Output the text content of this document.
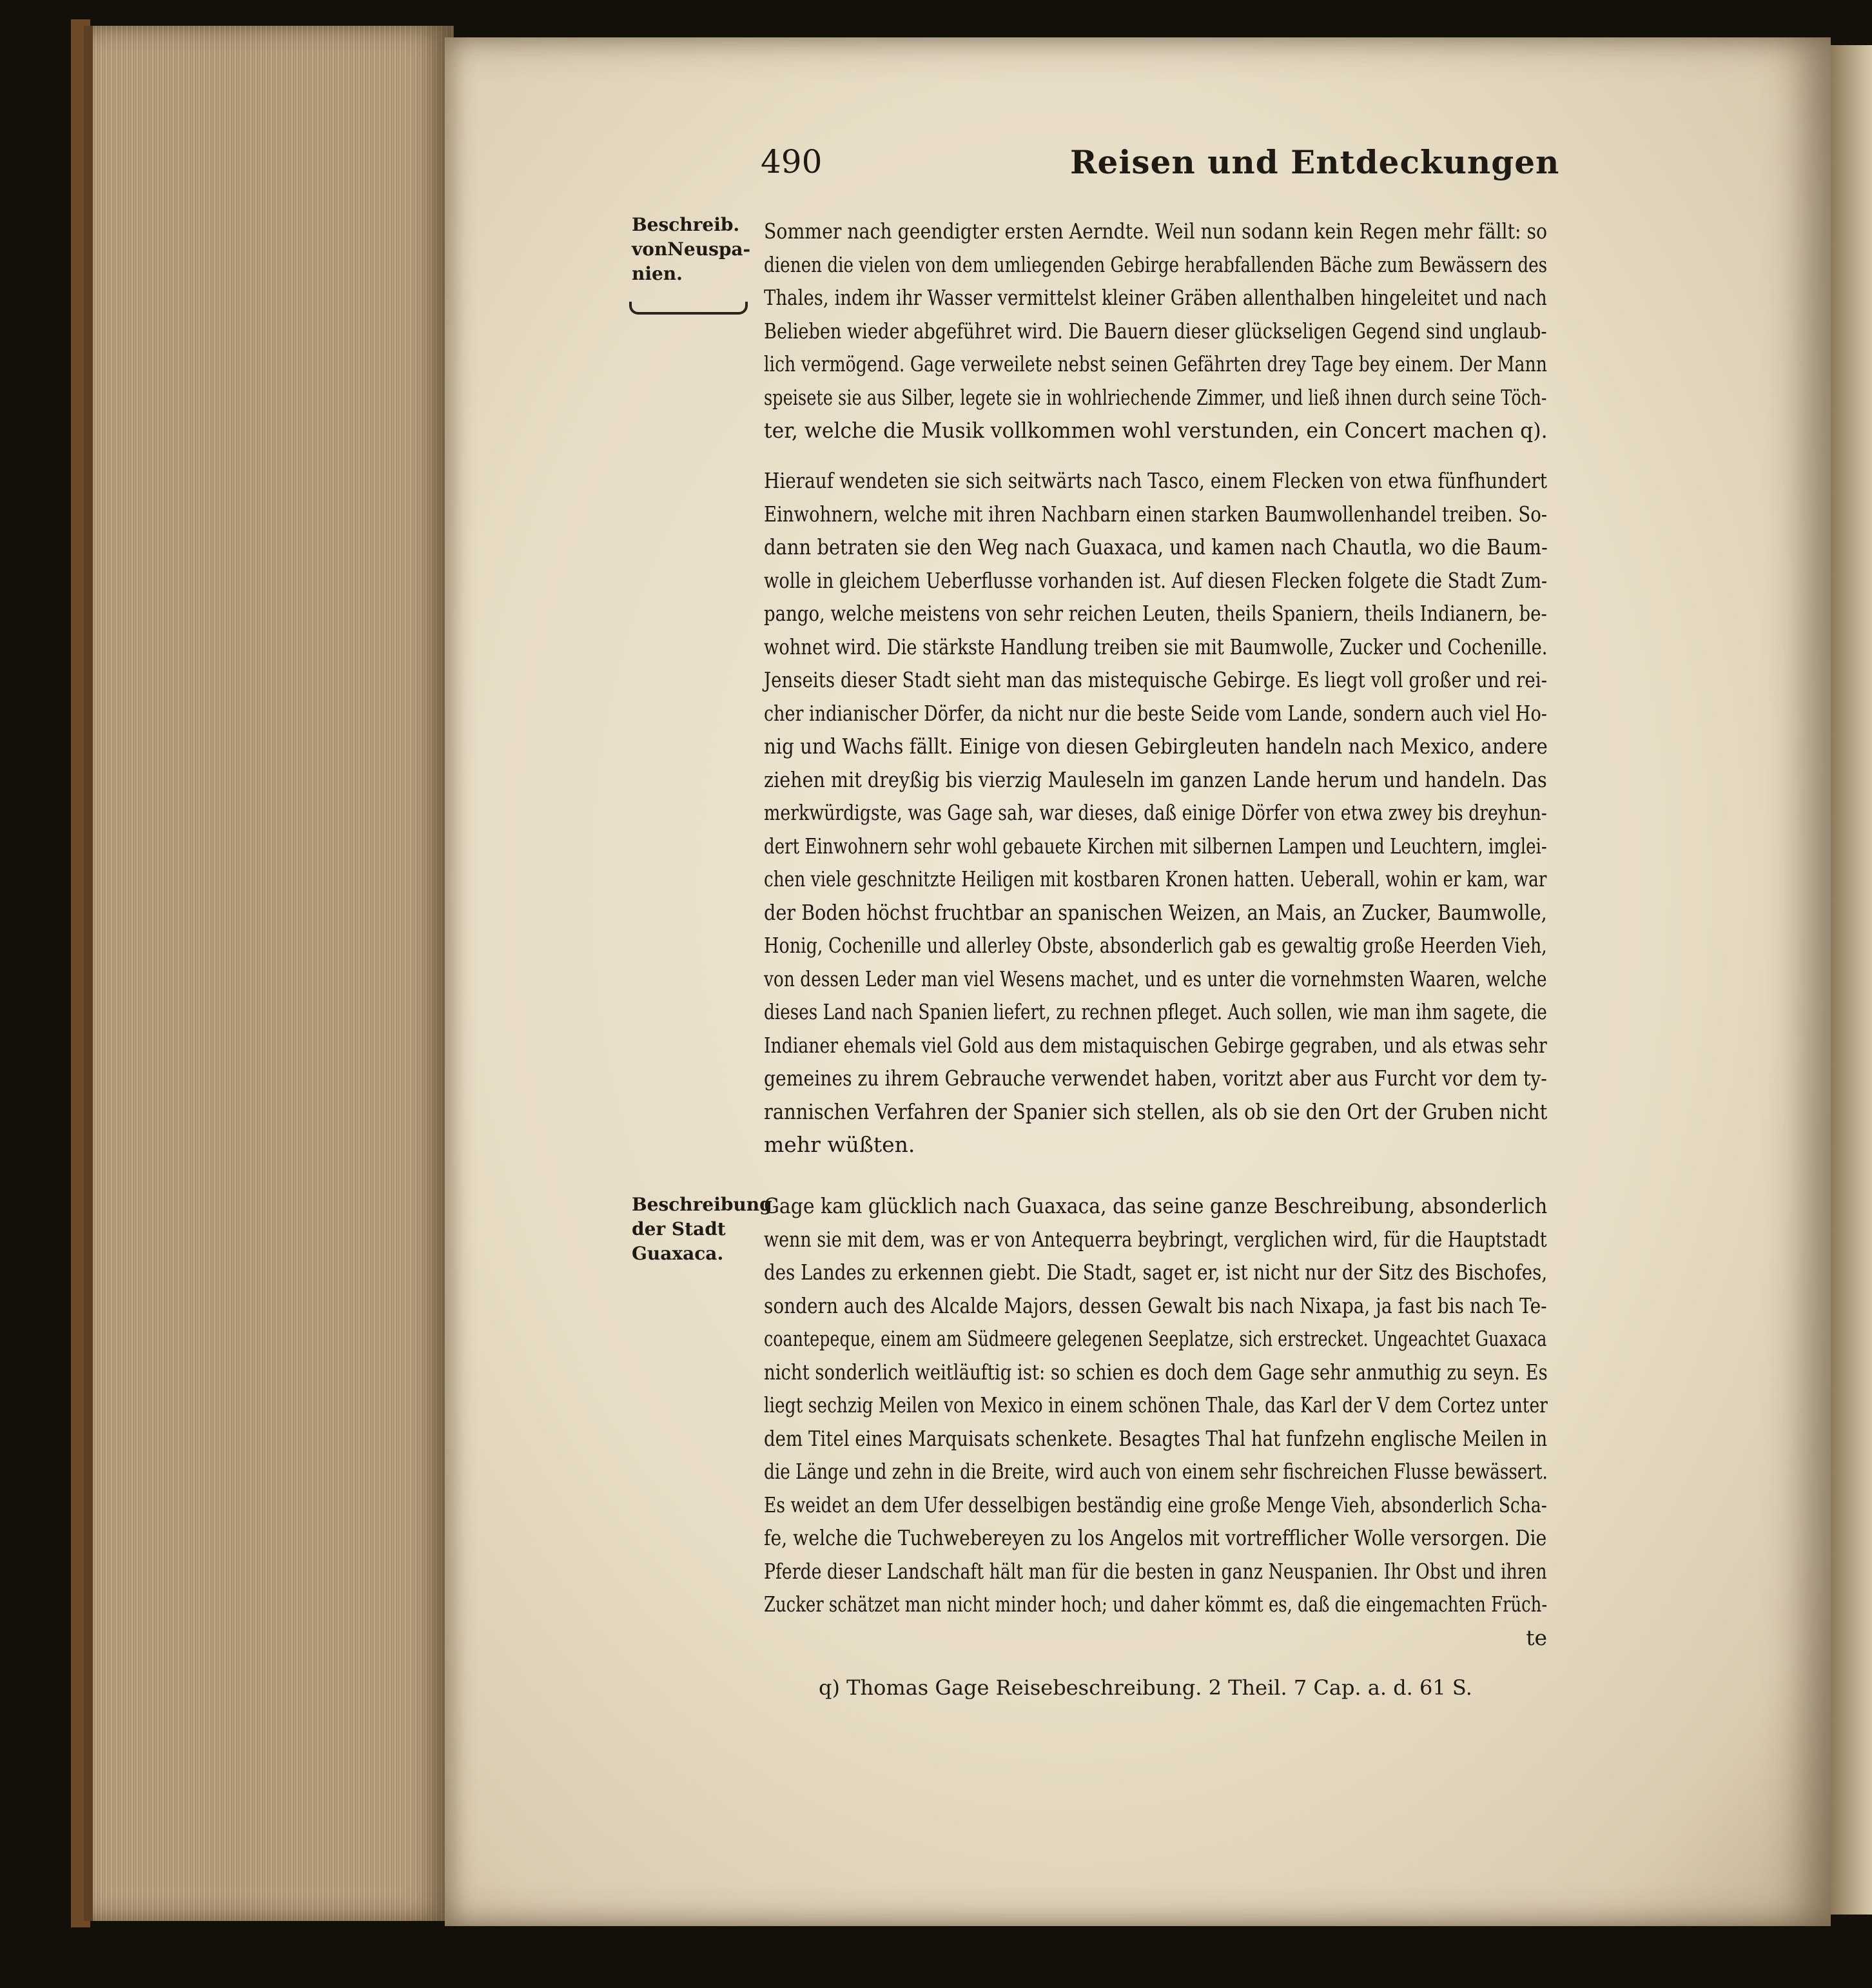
490	Reisen und Entdeckungen
Beschreib.
vonNeuspa-
nien.
Beschreibung
der Stadt
Guaxaca.
Sommer nach geendigter ersten Aerndte. Weil nun sodann kein Regen mehr fällt: so
dienen die vielen von dem umliegenden Gebirge herabfallenden Bäche zum Bewässern des
Thales, indem ihr Wasser vermittelst kleiner Gräben allenthalben hingeleitet und nach
Belieben wieder abgeführet wird. Die Bauern dieser glückseligen Gegend sind unglaub-
lich vermögend. Gage verweilete nebst seinen Gefährten drey Tage bey einem. Der Mann
speisete sie aus Silber, legete sie in wohlriechende Zimmer, und ließ ihnen durch seine Töch-
ter, welche die Musik vollkommen wohl verstunden, ein Concert machen q).
Hierauf wendeten sie sich seitwärts nach Tasco, einem Flecken von etwa fünfhundert
Einwohnern, welche mit ihren Nachbarn einen starken Baumwollenhandel treiben. So-
dann betraten sie den Weg nach Guaxaca, und kamen nach Chautla, wo die Baum-
wolle in gleichem Ueberflusse vorhanden ist. Auf diesen Flecken folgete die Stadt Zum-
pango, welche meistens von sehr reichen Leuten, theils Spaniern, theils Indianern, be-
wohnet wird. Die stärkste Handlung treiben sie mit Baumwolle, Zucker und Cochenille.
Jenseits dieser Stadt sieht man das mistequische Gebirge. Es liegt voll großer und rei-
cher indianischer Dörfer, da nicht nur die beste Seide vom Lande, sondern auch viel Ho-
nig und Wachs fällt. Einige von diesen Gebirgleuten handeln nach Mexico, andere
ziehen mit dreyßig bis vierzig Mauleseln im ganzen Lande herum und handeln. Das
merkwürdigste, was Gage sah, war dieses, daß einige Dörfer von etwa zwey bis dreyhun-
dert Einwohnern sehr wohl gebauete Kirchen mit silbernen Lampen und Leuchtern, imglei-
chen viele geschnitzte Heiligen mit kostbaren Kronen hatten. Ueberall, wohin er kam, war
der Boden höchst fruchtbar an spanischen Weizen, an Mais, an Zucker, Baumwolle,
Honig, Cochenille und allerley Obste, absonderlich gab es gewaltig große Heerden Vieh,
von dessen Leder man viel Wesens machet, und es unter die vornehmsten Waaren, welche
dieses Land nach Spanien liefert, zu rechnen pfleget. Auch sollen, wie man ihm sagete, die
Indianer ehemals viel Gold aus dem mistaquischen Gebirge gegraben, und als etwas sehr
gemeines zu ihrem Gebrauche verwendet haben, voritzt aber aus Furcht vor dem ty-
rannischen Verfahren der Spanier sich stellen, als ob sie den Ort der Gruben nicht
mehr wüßten.
Gage kam glücklich nach Guaxaca, das seine ganze Beschreibung, absonderlich
wenn sie mit dem, was er von Antequerra beybringt, verglichen wird, für die Hauptstadt
des Landes zu erkennen giebt. Die Stadt, saget er, ist nicht nur der Sitz des Bischofes,
sondern auch des Alcalde Majors, dessen Gewalt bis nach Nixapa, ja fast bis nach Te-
coantepeque, einem am Südmeere gelegenen Seeplatze, sich erstrecket. Ungeachtet Guaxaca
nicht sonderlich weitläuftig ist: so schien es doch dem Gage sehr anmuthig zu seyn. Es
liegt sechzig Meilen von Mexico in einem schönen Thale, das Karl der V dem Cortez unter
dem Titel eines Marquisats schenkete. Besagtes Thal hat funfzehn englische Meilen in
die Länge und zehn in die Breite, wird auch von einem sehr fischreichen Flusse bewässert.
Es weidet an dem Ufer desselbigen beständig eine große Menge Vieh, absonderlich Scha-
fe, welche die Tuchwebereyen zu los Angelos mit vortrefflicher Wolle versorgen. Die
Pferde dieser Landschaft hält man für die besten in ganz Neuspanien. Ihr Obst und ihren
Zucker schätzet man nicht minder hoch; und daher kömmt es, daß die eingemachten Früch-
te
q) Thomas Gage Reisebeschreibung. 2 Theil. 7 Cap. a. d. 61 S.
